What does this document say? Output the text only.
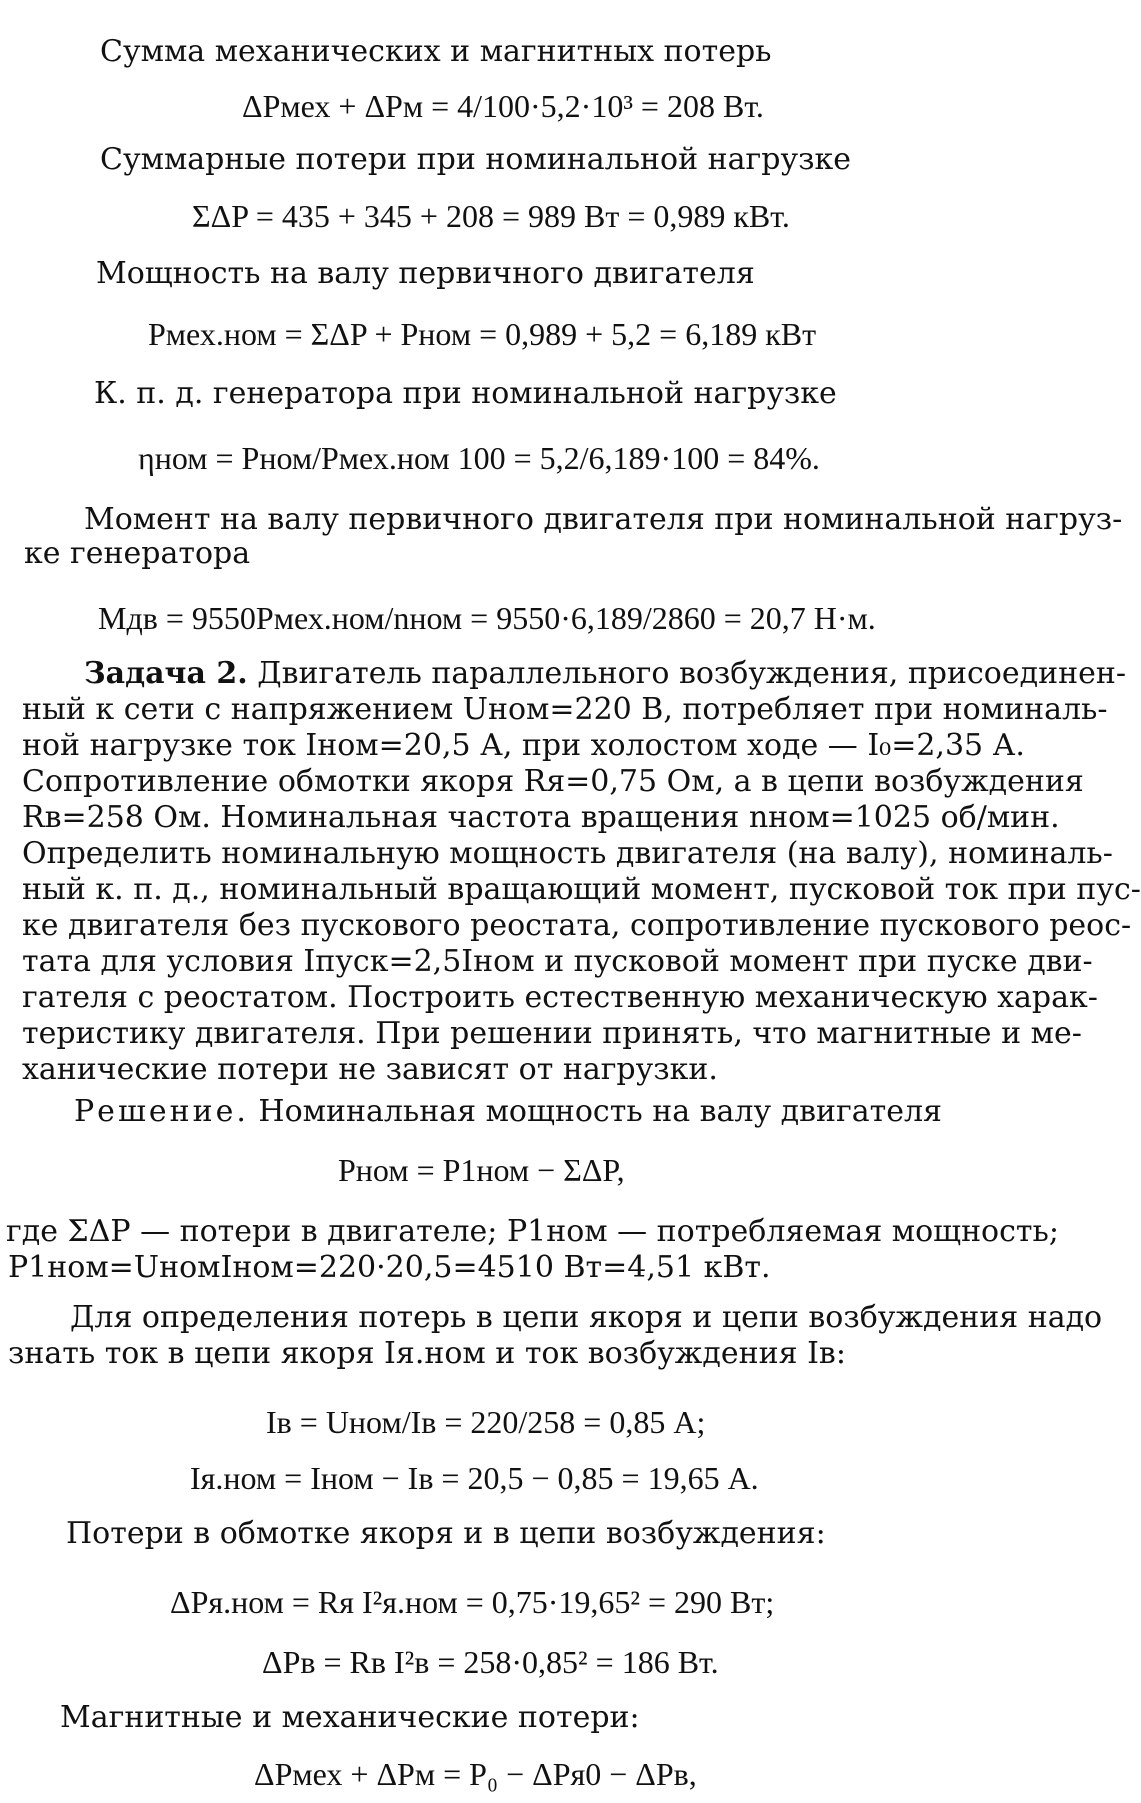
Сумма механических и магнитных потерь

ΔPмех + ΔPм = 4/100·5,2·10³ = 208 Вт.

Суммарные потери при номинальной нагрузке

ΣΔP = 435 + 345 + 208 = 989 Вт = 0,989 кВт.

Мощность на валу первичного двигателя

Pмех.ном = ΣΔP + Pном = 0,989 + 5,2 = 6,189 кВт

К. п. д. генератора при номинальной нагрузке

ηном = Pном/Pмех.ном 100 = 5,2/6,189·100 = 84%.

Момент на валу первичного двигателя при номинальной нагруз-

ке генератора

Mдв = 9550Pмех.ном/nном = 9550·6,189/2860 = 20,7 Н·м.

Задача 2. Двигатель параллельного возбуждения, присоединен-

ный к сети с напряжением Uном=220 В, потребляет при номиналь-

ной нагрузке ток Iном=20,5 А, при холостом ходе — I₀=2,35 А.

Сопротивление обмотки якоря Rя=0,75 Ом, а в цепи возбуждения

Rв=258 Ом. Номинальная частота вращения nном=1025 об/мин.

Определить номинальную мощность двигателя (на валу), номиналь-

ный к. п. д., номинальный вращающий момент, пусковой ток при пус-

ке двигателя без пускового реостата, сопротивление пускового реос-

тата для условия Iпуск=2,5Iном и пусковой момент при пуске дви-

гателя с реостатом. Построить естественную механическую харак-

теристику двигателя. При решении принять, что магнитные и ме-

ханические потери не зависят от нагрузки.

Решение. Номинальная мощность на валу двигателя

Pном = P1ном − ΣΔP,

где ΣΔP — потери в двигателе; P1ном — потребляемая мощность;

P1ном=UномIном=220·20,5=4510 Вт=4,51 кВт.

Для определения потерь в цепи якоря и цепи возбуждения надо

знать ток в цепи якоря Iя.ном и ток возбуждения Iв:

Iв = Uном/Iв = 220/258 = 0,85 А;

Iя.ном = Iном − Iв = 20,5 − 0,85 = 19,65 А.

Потери в обмотке якоря и в цепи возбуждения:

ΔPя.ном = Rя I²я.ном = 0,75·19,65² = 290 Вт;

ΔPв = Rв I²в = 258·0,85² = 186 Вт.

Магнитные и механические потери:

ΔPмех + ΔPм = P₀ − ΔPя0 − ΔPв,
